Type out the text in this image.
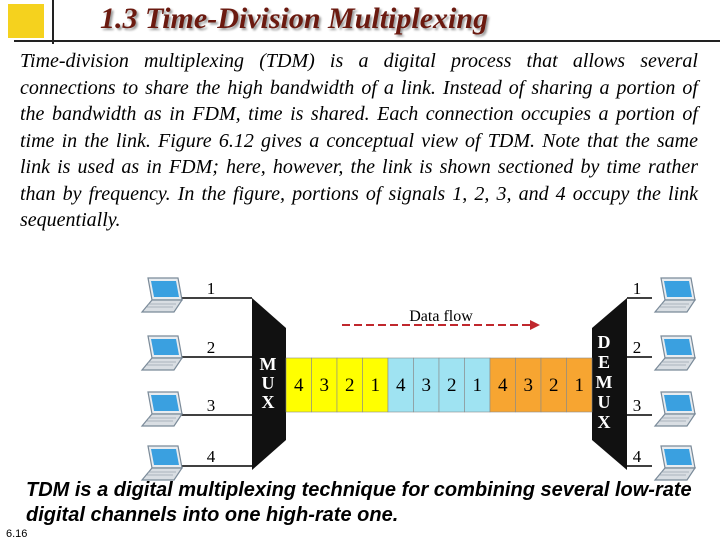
1.3 Time-Division Multiplexing
Time-division multiplexing (TDM) is a digital process that allows several connections to share the high bandwidth of a link. Instead of sharing a portion of the bandwidth as in FDM, time is shared. Each connection occupies a portion of time in the link. Figure 6.12 gives a conceptual view of TDM. Note that the same link is used as in FDM; here, however, the link is shown sectioned by time rather than by frequency. In the figure, portions of signals 1, 2, 3, and 4 occupy the link sequentially.
1
2
3
4
1
2
3
4
4 3 2 1 4 3 2 1 4 3 2 1
M
U
X
D
E
M
U
X
Data flow
TDM is a digital multiplexing technique for combining several low-rate digital channels into one high-rate one.
6.16
